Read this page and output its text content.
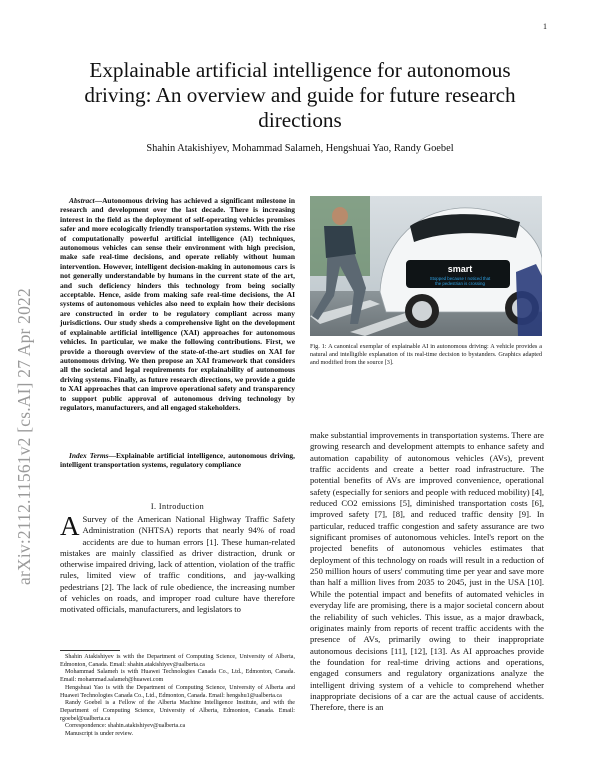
1
arXiv:2112.11561v2 [cs.AI] 27 Apr 2022
Explainable artificial intelligence for autonomous driving: An overview and guide for future research directions
Shahin Atakishiyev, Mohammad Salameh, Hengshuai Yao, Randy Goebel
Abstract—Autonomous driving has achieved a significant milestone in research and development over the last decade. There is increasing interest in the field as the deployment of self-operating vehicles promises safer and more ecologically friendly transportation systems. With the rise of computationally powerful artificial intelligence (AI) techniques, autonomous vehicles can sense their environment with high precision, make safe real-time decisions, and operate reliably without human intervention. However, intelligent decision-making in autonomous cars is not generally understandable by humans in the current state of the art, and such deficiency hinders this technology from being socially acceptable. Hence, aside from making safe real-time decisions, the AI systems of autonomous vehicles also need to explain how their decisions are constructed in order to be regulatory compliant across many jurisdictions. Our study sheds a comprehensive light on the development of explainable artificial intelligence (XAI) approaches for autonomous vehicles. In particular, we make the following contributions. First, we provide a thorough overview of the state-of-the-art studies on XAI for autonomous driving. We then propose an XAI framework that considers all the societal and legal requirements for explainability of autonomous driving systems. Finally, as future research directions, we provide a guide to XAI approaches that can improve operational safety and transparency to support public approval of autonomous driving technology by regulators, manufacturers, and all engaged stakeholders.
Index Terms—Explainable artificial intelligence, autonomous driving, intelligent transportation systems, regulatory compliance
I. Introduction
A Survey of the American National Highway Traffic Safety Administration (NHTSA) reports that nearly 94% of road accidents are due to human errors [1]. These human-related mistakes are mainly classified as driver distraction, drunk or otherwise impaired driving, lack of attention, violation of the traffic rules, limited view of traffic conditions, and jay-walking pedestrians [2]. The lack of rule obedience, the increasing number of vehicles on roads, and improper road culture have therefore motivated officials, manufacturers, and legislators to

Shahin Atakishiyev is with the Department of Computing Science, University of Alberta, Edmonton, Canada. Email: shahin.atakishiyev@ualberta.ca

Mohammad Salameh is with Huawei Technologies Canada Co., Ltd., Edmonton, Canada. Email: mohammad.salameh@huawei.com

Hengshuai Yao is with the Department of Computing Science, University of Alberta and Huawei Technologies Canada Co., Ltd., Edmonton, Canada. Email: hengshu1@ualberta.ca

Randy Goebel is a Fellow of the Alberta Machine Intelligence Institute, and with the Department of Computing Science, University of Alberta, Edmonton, Canada. Email: rgoebel@ualberta.ca

Correspondence: shahin.atakishiyev@ualberta.ca

Manuscript is under review.

smart
Stopped because I noticed that
the pedestrian is crossing
Fig. 1: A canonical exemplar of explainable AI in autonomous driving: A vehicle provides a natural and intelligible explanation of its real-time decision to bystanders. Graphics adapted and modified from the source [3].
make substantial improvements in transportation systems. There are growing research and development attempts to enhance safety and automation capability of autonomous vehicles (AVs), prevent traffic accidents and create a better road infrastructure. The potential benefits of AVs are improved convenience, operational safety (especially for seniors and people with reduced mobility) [4], reduced CO2 emissions [5], diminished transportation costs [6], improved safety [7], [8], and reduced traffic density [9]. In particular, reduced traffic congestion and safety assurance are two significant promises of autonomous vehicles. Intel's report on the projected benefits of autonomous vehicles estimates that deployment of this technology on roads will result in a reduction of 250 million hours of users' commuting time per year and save more than half a million lives from 2035 to 2045, just in the USA [10]. While the potential impact and benefits of automated vehicles in everyday life are promising, there is a major societal concern about the reliability of such vehicles. This issue, as a major drawback, originates mainly from reports of recent traffic accidents with the presence of AVs, primarily owing to their inappropriate autonomous decisions [11], [12], [13]. As AI approaches provide the foundation for real-time driving actions and operations, engaged consumers and regulatory organizations analyze the intelligent driving system of a vehicle to comprehend whether inappropriate decisions of a car are the actual cause of accidents. Therefore, there is an
